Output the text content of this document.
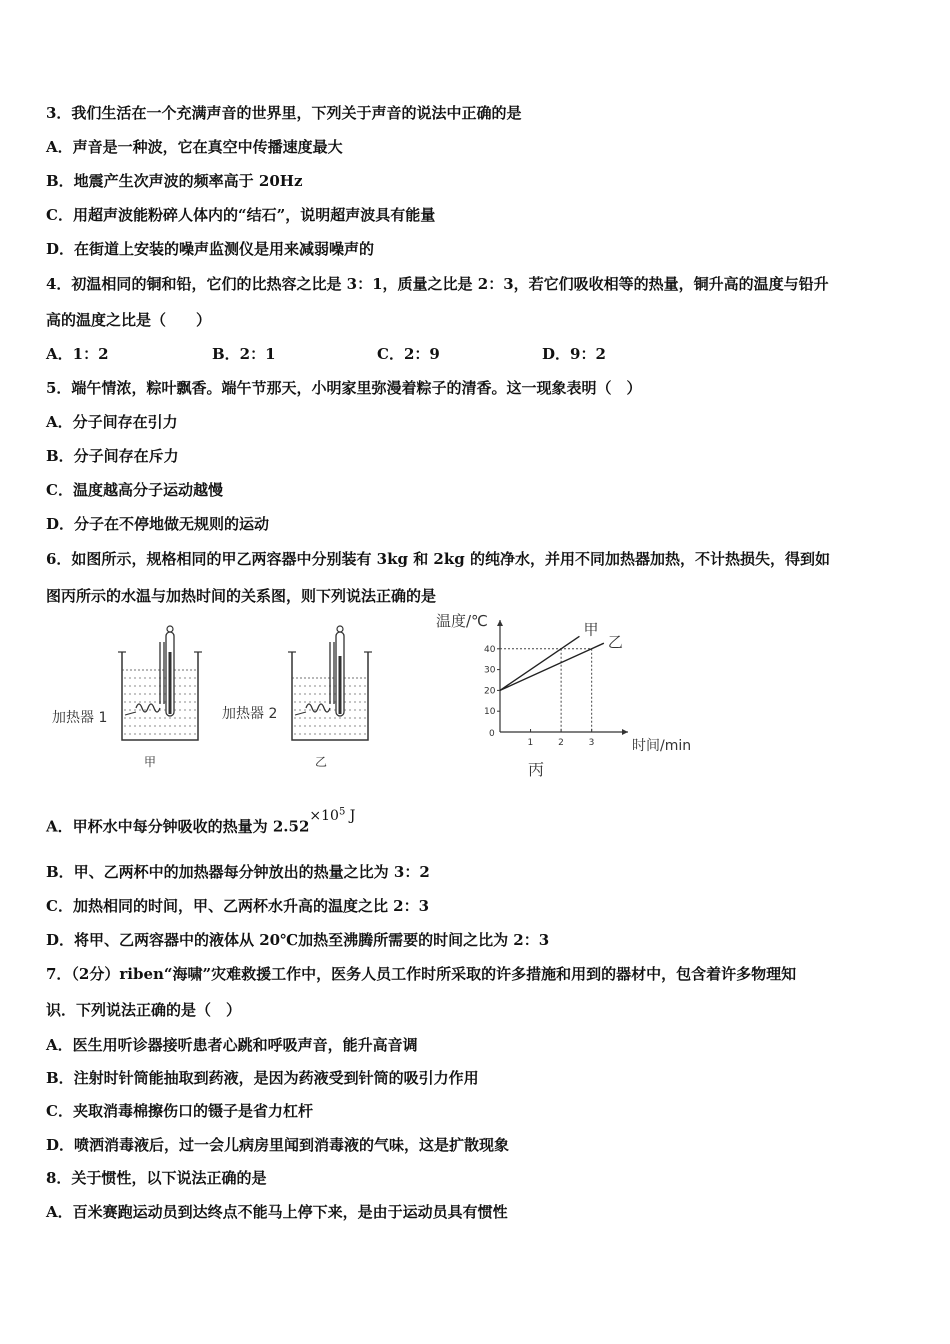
3．我们生活在一个充满声音的世界里，下列关于声音的说法中正确的是
A．声音是一种波，它在真空中传播速度最大
B．地震产生次声波的频率高于 20Hz
C．用超声波能粉碎人体内的“结石”，说明超声波具有能量
D．在街道上安装的噪声监测仪是用来减弱噪声的
4．初温相同的铜和铅，它们的比热容之比是 3：1，质量之比是 2：3，若它们吸收相等的热量，铜升高的温度与铅升
高的温度之比是（　　）
A．1：2	B．2：1	C．2：9	D．9：2
5．端午情浓，粽叶飘香。端午节那天，小明家里弥漫着粽子的清香。这一现象表明（　）
A．分子间存在引力
B．分子间存在斥力
C．温度越高分子运动越慢
D．分子在不停地做无规则的运动
6．如图所示，规格相同的甲乙两容器中分别装有 3kg 和 2kg 的纯净水，并用不同加热器加热，不计热损失，得到如
图丙所示的水温与加热时间的关系图，则下列说法正确的是
加热器 1
甲
加热器 2
乙
温度/℃
时间/min
10
20
30
40
0
1	2	3
甲
乙
丙
A．甲杯水中每分钟吸收的热量为 $2.52\times 10^5$ J
B．甲、乙两杯中的加热器每分钟放出的热量之比为 3：2
C．加热相同的时间，甲、乙两杯水升高的温度之比 2：3
D．将甲、乙两容器中的液体从 20℃加热至沸腾所需要的时间之比为 2：3
7．（2分）riben“海啸”灾难救援工作中，医务人员工作时所采取的许多措施和用到的器材中，包含着许多物理知
识．下列说法正确的是（　）
A．医生用听诊器接听患者心跳和呼吸声音，能升高音调
B．注射时针筒能抽取到药液，是因为药液受到针筒的吸引力作用
C．夹取消毒棉擦伤口的镊子是省力杠杆
D．喷洒消毒液后，过一会儿病房里闻到消毒液的气味，这是扩散现象
8．关于惯性，以下说法正确的是
A．百米赛跑运动员到达终点不能马上停下来，是由于运动员具有惯性
